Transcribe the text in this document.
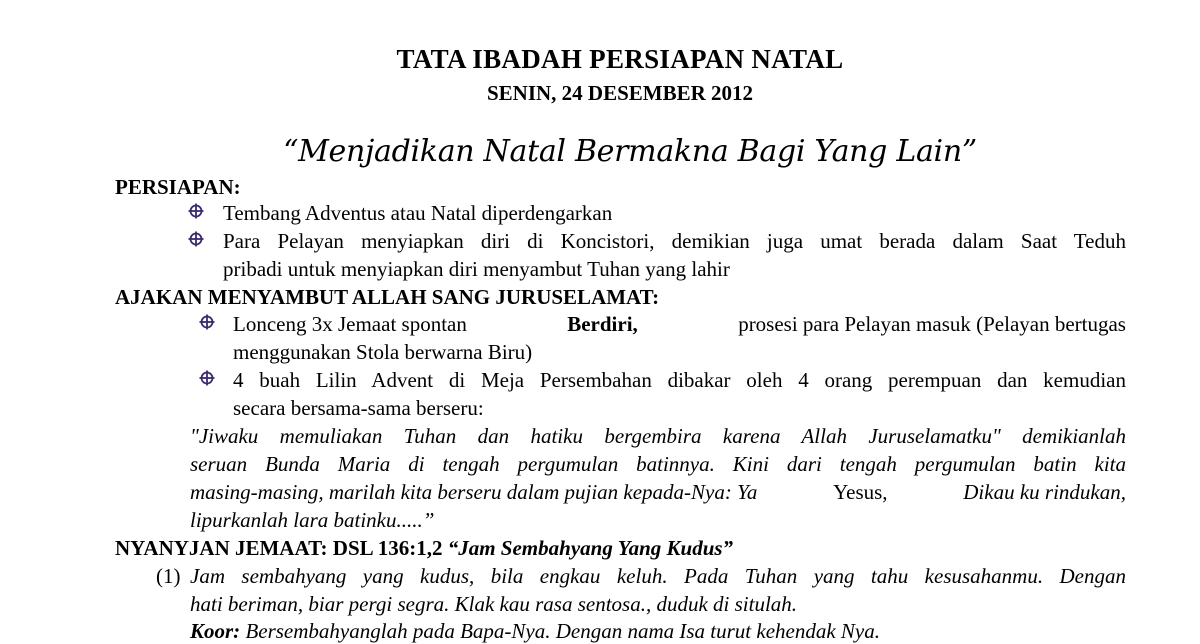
TATA IBADAH PERSIAPAN NATAL
SENIN, 24 DESEMBER 2012
“Menjadikan Natal Bermakna Bagi Yang Lain”
PERSIAPAN:
Tembang Adventus atau Natal diperdengarkan
Para Pelayan menyiapkan diri di Koncistori, demikian juga umat berada dalam Saat Teduh
pribadi untuk menyiapkan diri menyambut Tuhan yang lahir
AJAKAN MENYAMBUT ALLAH SANG JURUSELAMAT:
Lonceng 3x Jemaat spontan	Berdiri,	prosesi para Pelayan masuk (Pelayan bertugas
menggunakan Stola berwarna Biru)
4 buah Lilin Advent di Meja Persembahan dibakar oleh 4 orang perempuan dan kemudian
secara bersama-sama berseru:
"Jiwaku memuliakan Tuhan dan hatiku bergembira karena Allah Juruselamatku" demikianlah
seruan Bunda Maria di tengah pergumulan batinnya. Kini dari tengah pergumulan batin kita
masing-masing, marilah kita berseru dalam pujian kepada-Nya: Ya	Yesus,	Dikau ku rindukan,
lipurkanlah lara batinku.....”
NYANYJAN JEMAAT: DSL 136:1,2 “Jam Sembahyang Yang Kudus”
(1) Jam sembahyang yang kudus, bila engkau keluh. Pada Tuhan yang tahu kesusahanmu. Dengan
hati beriman, biar pergi segra. Klak kau rasa sentosa., duduk di situlah.
Koor: Bersembahyanglah pada Bapa-Nya. Dengan nama Isa turut kehendak Nya.
